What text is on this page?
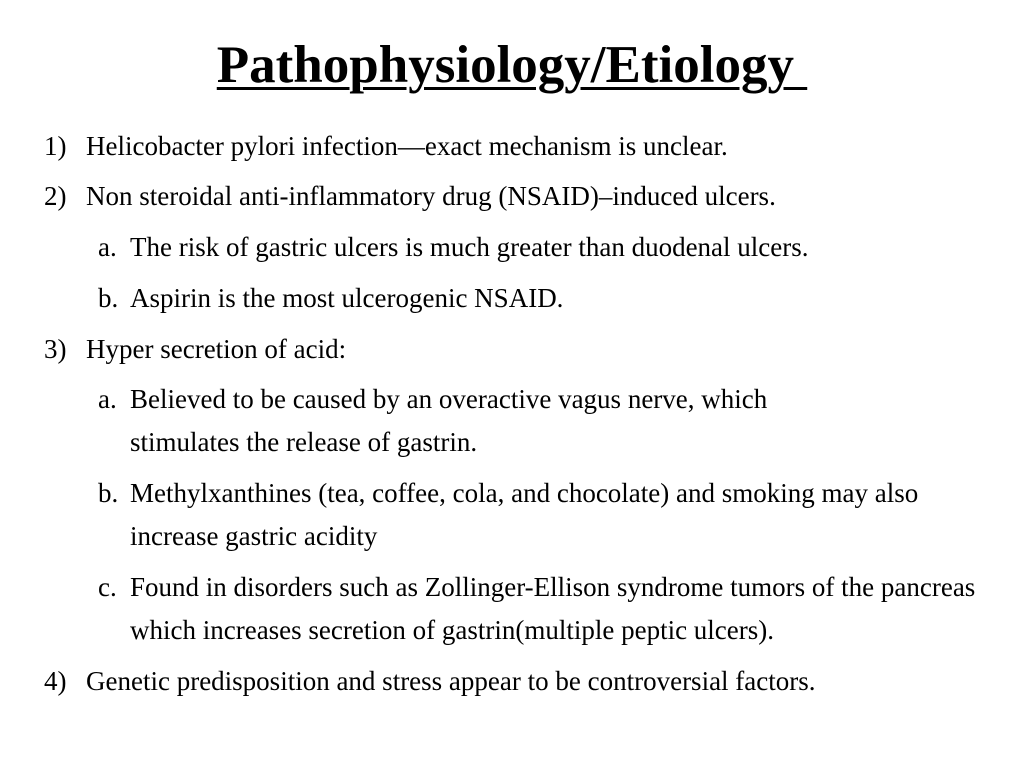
Pathophysiology/Etiology
1) Helicobacter pylori infection—exact mechanism is unclear.
2) Non steroidal anti-inflammatory drug (NSAID)–induced ulcers.
a. The risk of gastric ulcers is much greater than duodenal ulcers.
b. Aspirin is the most ulcerogenic NSAID.
3) Hyper secretion of acid:
a. Believed to be caused by an overactive vagus nerve, which stimulates the release of gastrin.
b. Methylxanthines (tea, coffee, cola, and chocolate) and smoking may also increase gastric acidity
c. Found in disorders such as Zollinger-Ellison syndrome tumors of the pancreas which increases secretion of gastrin(multiple peptic ulcers).
4) Genetic predisposition and stress appear to be controversial factors.
